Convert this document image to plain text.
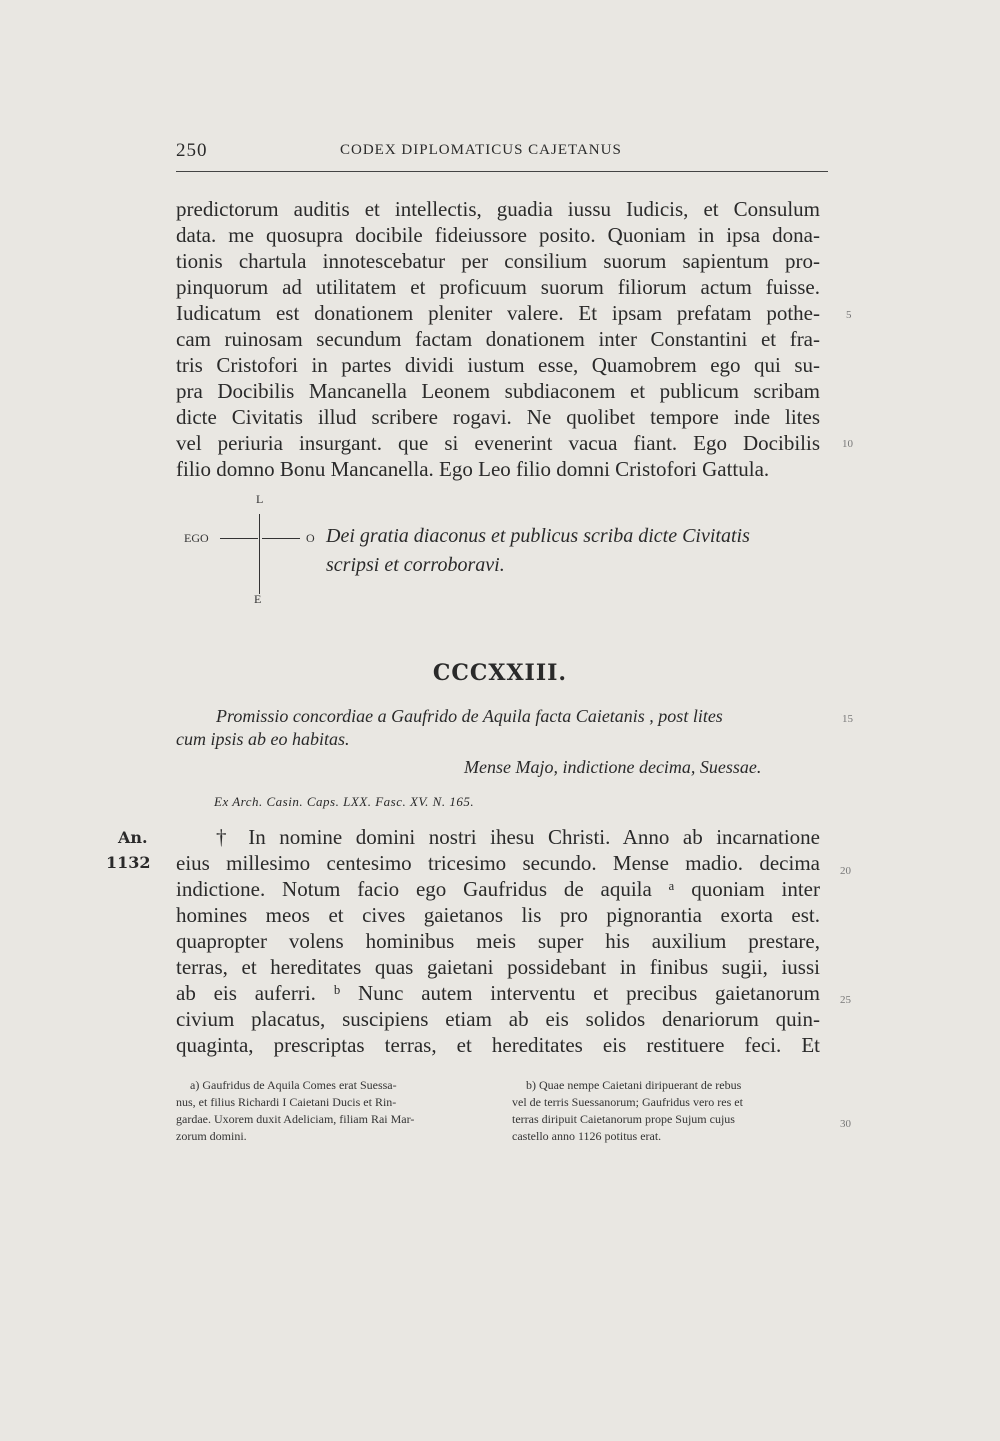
250	CODEX DIPLOMATICUS CAJETANUS
predictorum auditis et intellectis, guadia iussu Iudicis, et Consulum
data. me quosupra docibile fideiussore posito. Quoniam in ipsa dona-
tionis chartula innotescebatur per consilium suorum sapientum pro-
pinquorum ad utilitatem et proficuum suorum filiorum actum fuisse.
Iudicatum est donationem pleniter valere. Et ipsam prefatam pothe-
cam ruinosam secundum factam donationem inter Constantini et fra-
tris Cristofori in partes dividi iustum esse, Quamobrem ego qui su-
pra Docibilis Mancanella Leonem subdiaconem et publicum scribam
dicte Civitatis illud scribere rogavi. Ne quolibet tempore inde lites
vel periuria insurgant. que si evenerint vacua fiant. Ego Docibilis
filio domno Bonu Mancanella. Ego Leo filio domni Cristofori Gattula.
5
10
L
EGO	O
E
Dei gratia diaconus et publicus scriba dicte Civitatis
scripsi et corroboravi.
CCCXXIII.
Promissio concordiae a Gaufrido de Aquila facta Caietanis , post lites
cum ipsis ab eo habitas.
15
Mense Majo, indictione decima, Suessae.
Ex Arch. Casin. Caps. LXX. Fasc. XV. N. 165.
An.
1132
† In nomine domini nostri ihesu Christi. Anno ab incarnatione
eius millesimo centesimo tricesimo secundo. Mense madio. decima
indictione. Notum facio ego Gaufridus de aquila ᵃ quoniam inter
homines meos et cives gaietanos lis pro pignorantia exorta est.
quapropter volens hominibus meis super his auxilium prestare,
terras, et hereditates quas gaietani possidebant in finibus sugii, iussi
ab eis auferri. ᵇ Nunc autem interventu et precibus gaietanorum
civium placatus, suscipiens etiam ab eis solidos denariorum quin-
quaginta, prescriptas terras, et hereditates eis restituere feci. Et
20
25
a) Gaufridus de Aquila Comes erat Suessa-
nus, et filius Richardi I Caietani Ducis et Rin-
gardae. Uxorem duxit Adeliciam, filiam Rai Mar-
zorum domini.
b) Quae nempe Caietani diripuerant de rebus
vel de terris Suessanorum; Gaufridus vero res et
terras diripuit Caietanorum prope Sujum cujus
castello anno 1126 potitus erat.
30
